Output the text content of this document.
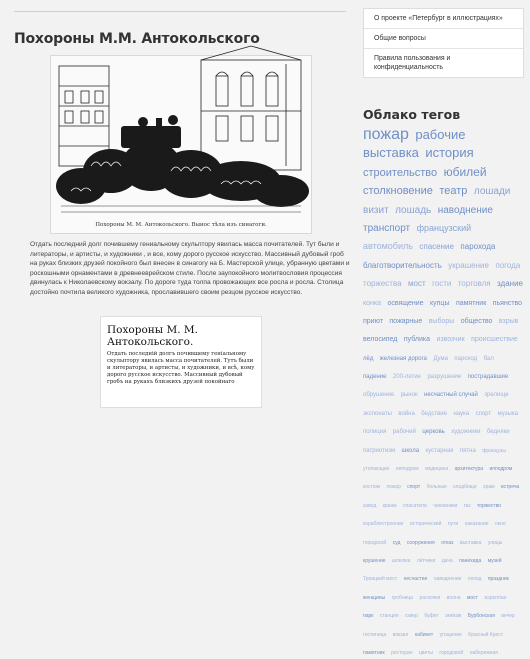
Похороны М.М. Антокольского
Похороны М. М. Антокольского. Вынос тѣла изъ синагоги.
Отдать последний долг почившему гениальному скульптору явилась масса почитателей. Тут были и литераторы, и артисты, и художники , и все, кому дорого русское искусство. Массивный дубовый гроб на руках близких друзей покойного был внесен в синагогу на Б. Мастерской улице, убранную цветами и роскошными орнаментами в древнееврейском стиле. После заупокойного молитвословия процессия двинулась к Николаевскому вокзалу. По дороге туда толпа провожающих все росла и росла. Столица достойно почтила великого художника, прославившего своим резцом русское искусство.
Похороны М. М. Антокольского.
Отдать последній долгъ почившему геніальному скульптору явилась масса почитателей. Тутъ были и литераторы, и артисты, и художники, и всѣ, кому дорого русское искусство. Массивный дубовый гробъ на рукахъ близкихъ друзей покойнаго
О проекте «Петербург в иллюстрациях»
Общие вопросы
Правила пользования и конфиденциальность
Облако тегов
пожар рабочие выставка история строительство юбилей столкновение театр лошади визит лошадь наводнение транспорт французский автомобиль спасение парохода благотворительность украшение погода торжества мост гости торговля здание конка освящение купцы памятник пьянство приют пожарные выборы общество взрыв велосипед публика извозчик происшествие лёд железная дорога Дума пароход бал падение 200-летие разрушение пострадавшие обрушение рынок несчастный случай зрелище экспонаты война бедствие наука спорт музыка полиция рабочий церковь художники бедняки патриотизм школа кустарная пятна французы утопающие ипподром медицина архитектура ипподром костюм пожар спорт больные кладбище храм встреча завод кража спасатели чиновники газ торжество кораблестроение исторический пути наказание окно городской суд сооружения отказ выставка улицы крушение шлюпка лётчики дача панихида музей Троицкий мост несчастие наводнение поход праздник женщины гробница раскопки волна мост аэроплан парк станция сквер буфет экипаж Бурбонская вечер гостиница вокзал кабинет угощение Красный Крест памятник ресторан цветы городовой набережная
